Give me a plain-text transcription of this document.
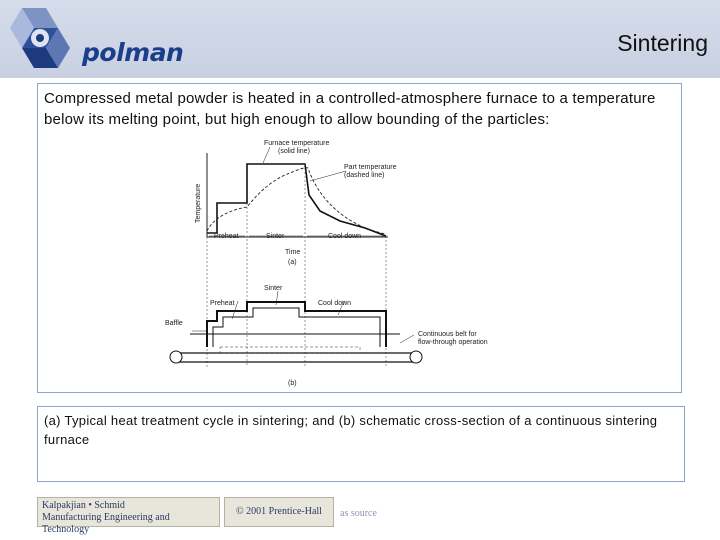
polman	Sintering
Compressed metal powder is heated in a controlled-atmosphere furnace to a temperature below its melting point, but high enough to allow bounding of the particles:
Furnace temperature
(solid line)
Part temperature
(dashed line)
Temperature
Preheat	Sinter	Cool down
Time
(a)
Sinter
Preheat	Cool down
Baffle
Continuous belt for
flow-through operation
(b)
(a) Typical heat treatment cycle in sintering; and (b) schematic cross-section of a continuous sintering furnace
Kalpakjian • Schmid
Manufacturing Engineering and Technology
© 2001 Prentice-Hall	as source
